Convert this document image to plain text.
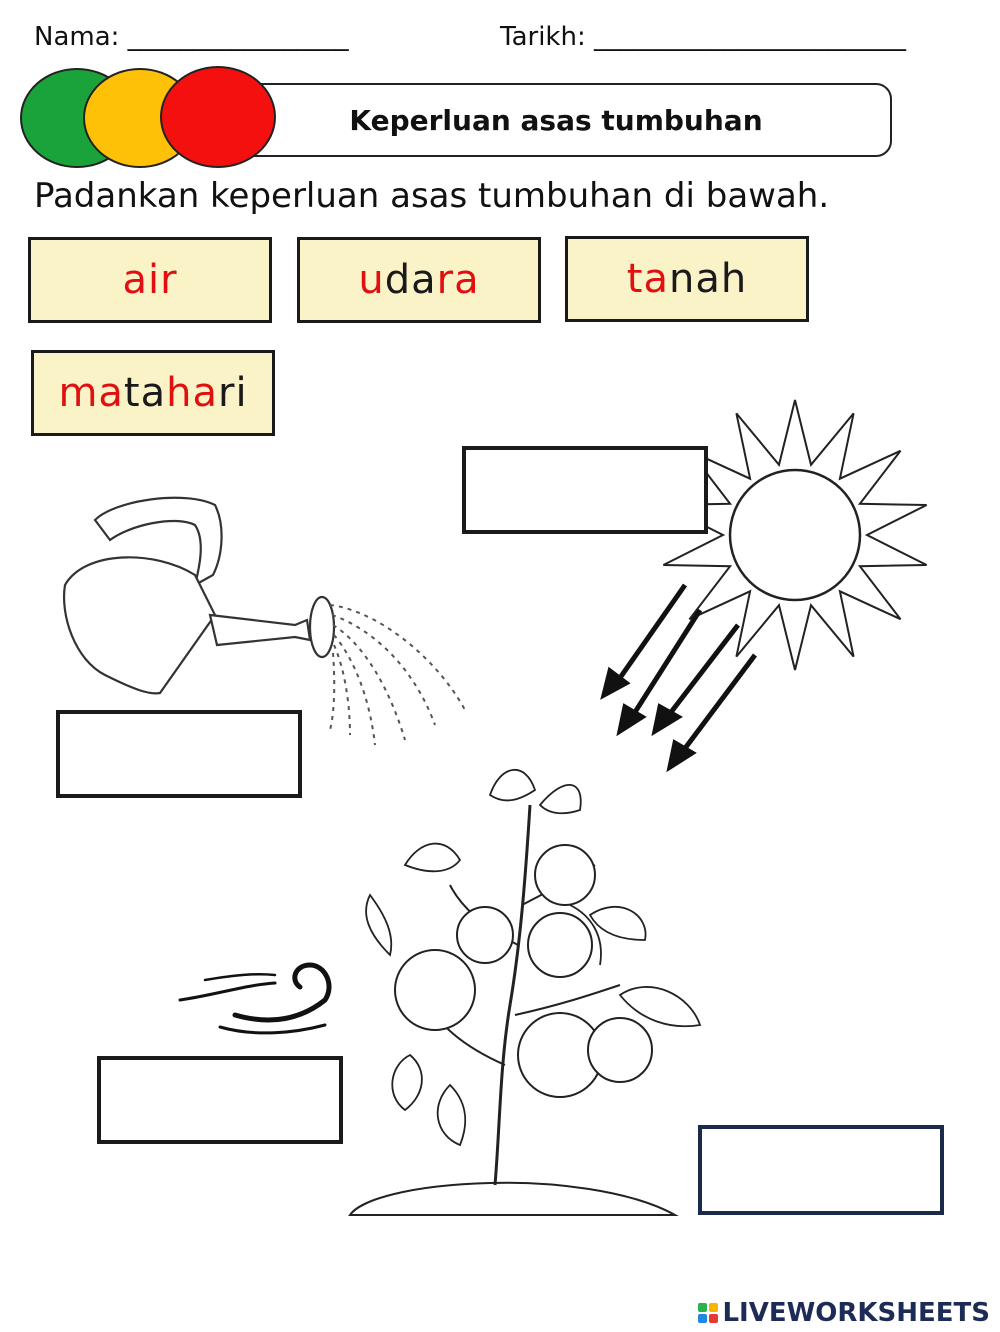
Nama: _________________	Tarikh: ________________________
Keperluan asas tumbuhan
Padankan keperluan asas tumbuhan di bawah.
air	u da ra	ta nah
ma ta ha ri
LIVEWORKSHEETS
